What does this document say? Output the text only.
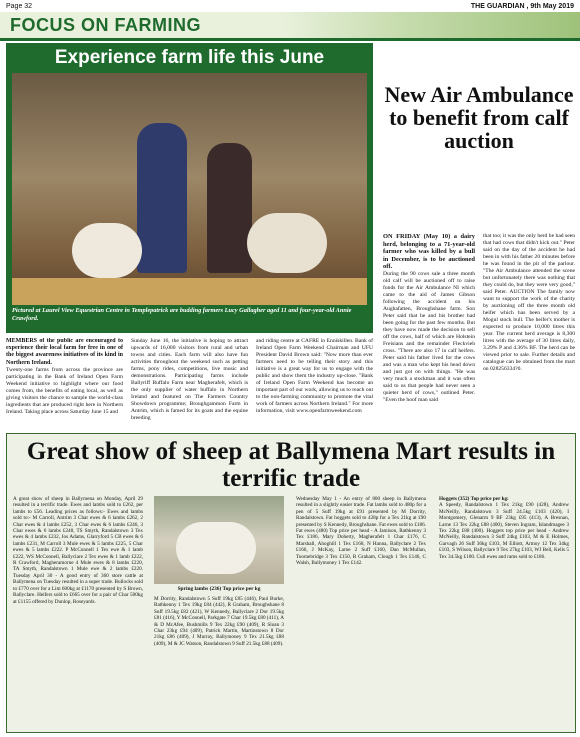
Page 32	THE GUARDIAN , 9th May 2019
FOCUS ON FARMING
Experience farm life this June
Pictured at Laurel View Equestrian Centre in Templepatrick are budding farmers Lucy Gallagher aged 11 and four-year-old Annie Crawford.
MEMBERS of the public are encouraged to experience their local farm for free in one of the biggest awareness initiatives of its kind in Northern Ireland.
Twenty-one farms from across the province are participating in the Bank of Ireland Open Farm Weekend initiative to highlight where our food comes from, the benefits of eating local, as well as giving visitors the chance to sample the world-class ingredients that are produced right here in Northern Ireland. Taking place across Saturday June 15 and
Sunday June 16, the initiative is hoping to attract upwards of 16,000 visitors from rural and urban towns and cities. Each farm will also have fun activities throughout the weekend such as petting farms, pony rides, competitions, live music and demonstrations. Participating farms include Ballyriff Buffalo Farm near Magherafelt, which is the only supplier of water buffalo in Northern Ireland and featured on The Farmers Country Showdown programme; Broughgammon Farm in Antrim, which is famed for its goats and the equine breeding
and riding centre at CAFRE in Enniskillen. Bank of Ireland Open Farm Weekend Chairman and UFU President David Brown said: "Now more than ever farmers need to be telling their story and this initiative is a great way for us to engage with the public and show them the industry up-close. "Bank of Ireland Open Farm Weekend has become an important part of our work, allowing us to reach out to the non-farming community to promote the vital work of farmers across Northern Ireland." For more information, visit www.openfarmweekend.com
New Air Ambulance to benefit from calf auction
ON FRIDAY (May 10) a dairy herd, belonging to a 71-year-old farmer who was killed by a bull in December, is to be auctioned off.
During the 90 cows sale a three month old calf will be auctioned off to raise funds for the Air Ambulance NI which came to the aid of James Gibson following the accident on his Aughafatten, Broughshane farm. Son Peter said that he and his brother had been going for the past few months. But they have now made the decision to sell off the cows, half of which are Holstein Freisians and the remainder Fleckvieh cross. "There are also 17 in calf heifers. Peter said his father lived for the cows and was a man who kept his head down and just got on with things. "He was very much a stockman and it was often said to us that people had never seen a quieter herd of cows," outlined Peter. "Even the hoof man said
that too; it was the only herd he had seen that had cows that didn't kick out." Peter said on the day of the accident he had been in with his father 20 minutes before he was found in the pit of the parlour. "The Air Ambulance attended the scene but unfortunately there was nothing that they could do, but they were very good," said Peter. AUCTION The family now want to support the work of the charity by auctioning off the three month old heifer which has been served by a Mogul stock bull. The heifer's mother is expected to produce 10,000 litres this year. The current herd average is 8,300 litres with the average of 30 litres daily, 3.29% P and 4.36% BF. The herd can be viewed prior to sale. Further details and catalogue can be obtained from the mart on 028256334?0.
Great show of sheep at Ballymena Mart results in terrific trade
A great show of sheep in Ballymena on Monday, April 29 resulted in a terrific trade. Ewes and lambs sold to £262, per lambs to £56. Leading prices as follows:- Ewes and lambs sold to:- M Carroll, Antrim 3 Char ewes & 6 lambs £262, 2 Char ewes & 4 lambs £252, 3 Char ewes & 6 lambs £246, 3 Char ewes & 6 lambs £248, TS Smyth, Randalstown 3 Tex ewes & 4 lambs £232, Jos Adams, Glarryford 5 CB ewes & 6 lambs £231, M Carroll 3 Mule ewes & 5 lambs £225, 5 Char ewes & 5 lambs £222. P McConnell 1 Tex ewe & 1 lamb £222, WS McConnell, Ballyclare 2 Tex ewes & 1 lamb £222, R Crawford, Magheramorne 4 Mule ewes & 8 lambs £220, TA Smyth, Randalstown 1 Mule ewe & 2 lambs £220. Tuesday April 30 - A good entry of 360 store cattle at Ballymena on Tuesday resulted in a super trade. Bullocks sold to £770 over for a Lim 600kg at £1170 presented by S Brown, Ballyclare. Heifers sold to £665 over for a pair of Char 500kg at £1155 offered by Dunlop, Roseyards.
Spring lambs (236) Top price per kg
M Dorrity, Randalstown 5 Suff 19kg £85 (446), Paul Burke, Rathkenny 1 Tex 19kg £84 (442), R Graham, Broughshane 8 Suff 19.5kg £82 (421), W Kennedy, Ballyclare 2 Dor 19.5kg £81 (416), Y McConnell, Parkgate 7 Char 19.5kg £80 (411), A & D McAfee, Bushmills 9 Tex 22kg £90 (409), R Sloan 3 Char 23kg £94 (409), Patrick Martin, Martinstown 8 Dor 21kg £86 (409), J Murray, Ballymoney 9 Tex 21.5kg £88 (409), M & JC Watson, Randalstown 9 Suff 21.5kg £88 (409).
Wednesday May 1 - An entry of 800 sheep in Ballymena resulted in a slightly easier trade. Fat lambs sold to 480p for a pen of 5 Suff 19kg at £91 presented by M Dorrity, Randalstown. Fat hoggets sold to 428p for a Tex 21kg at £90 presented by S Kennedy, Broughshane. Fat ewes sold to £186. Fat ewes (480) Top price per head - A Jamison, Rathkenny 3 Tex £186, Mary Doherty, Magherafelt 1 Char £176, C Marshall, Ahoghill 1 Tex £168, N Hanna, Ballyclare 2 Tex £166, J McKay, Larne 2 Suff £160, Dan McMullan, Toomebridge 3 Tex £150, R Graham, Clough 1 Tex £146, C Walsh, Ballymoney 1 Tex £142.
Hoggets (352) Top price per kg:
A Speedy, Randalstown 1 Tex 21kg £90 (428), Andrew McNeilly, Randalstown 3 Suff 24.5kg £103 (420), I Montgomery, Glenarm 9 BF 23kg £95 (413), A Bresnan, Larne 13 Tex 22kg £88 (400), Steven Ingram, Islandmagee 3 Tex 22kg £88 (400). Hoggets top price per head - Andrew McNeilly, Randalstown 3 Suff 24kg £103, M & E Holmes, Garvagh 26 Suff 36kg £103, M Elliott, Armoy 12 Tex 34kg £103, S Wilson, Ballyclare 9 Tex 27kg £103, WJ Bell, Kells 5 Tex 34.5kg £100. Cull ewes and rams sold to £186.
